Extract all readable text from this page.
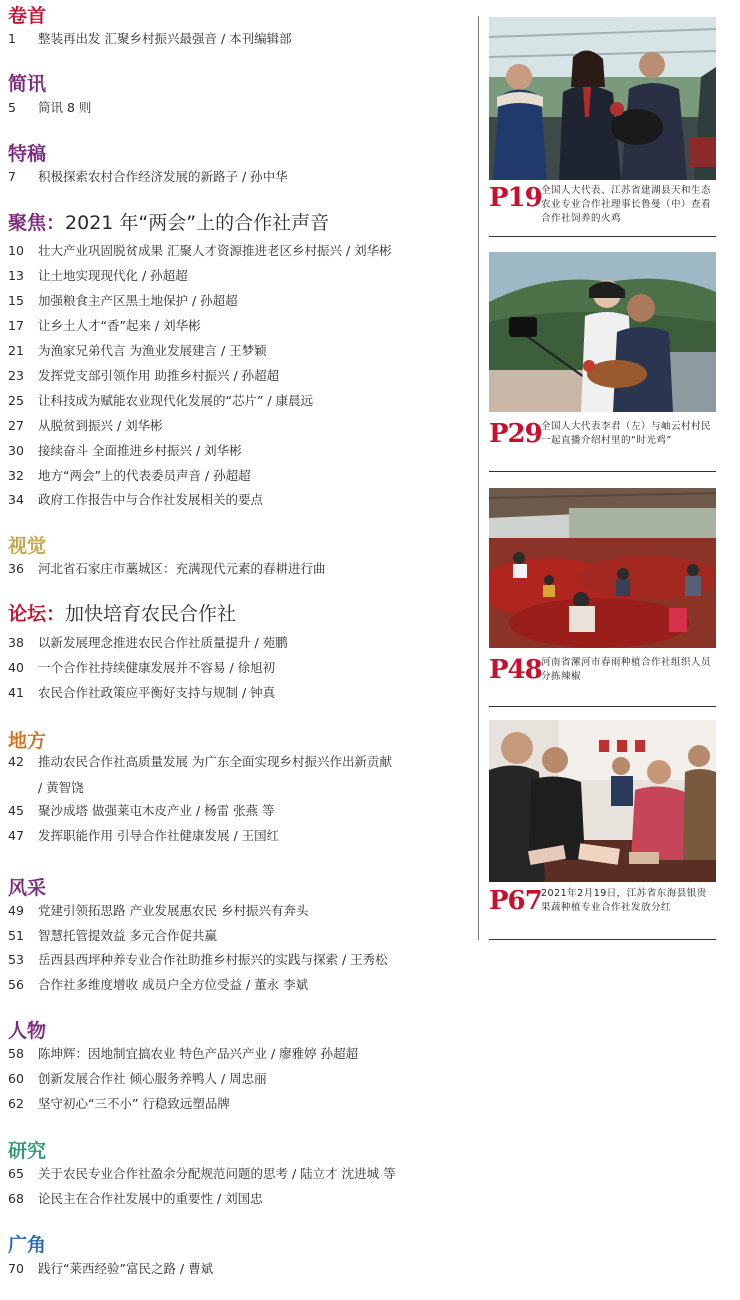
卷首
1 整装再出发 汇聚乡村振兴最强音 / 本刊编辑部
简讯
5 简讯 8 则
特稿
7 积极探索农村合作经济发展的新路子 / 孙中华
聚焦：2021 年“两会”上的合作社声音
10 壮大产业巩固脱贫成果 汇聚人才资源推进老区乡村振兴 / 刘华彬
13 让土地实现现代化 / 孙超超
15 加强粮食主产区黑土地保护 / 孙超超
17 让乡土人才“香”起来 / 刘华彬
21 为渔家兄弟代言 为渔业发展建言 / 王梦颖
23 发挥党支部引领作用 助推乡村振兴 / 孙超超
25 让科技成为赋能农业现代化发展的“芯片” / 康晨远
27 从脱贫到振兴 / 刘华彬
30 接续奋斗 全面推进乡村振兴 / 刘华彬
32 地方“两会”上的代表委员声音 / 孙超超
34 政府工作报告中与合作社发展相关的要点
视觉
36 河北省石家庄市藁城区：充满现代元素的春耕进行曲
论坛：加快培育农民合作社
38 以新发展理念推进农民合作社质量提升 / 苑鹏
40 一个合作社持续健康发展并不容易 / 徐旭初
41 农民合作社政策应平衡好支持与规制 / 钟真
地方
42 推动农民合作社高质量发展 为广东全面实现乡村振兴作出新贡献
/ 黄智饶
45 聚沙成塔 做强莱屯木皮产业 / 杨雷 张燕 等
47 发挥职能作用 引导合作社健康发展 / 王国红
风采
49 党建引领拓思路 产业发展惠农民 乡村振兴有奔头
51 智慧托管提效益 多元合作促共赢
53 岳西县西坪种养专业合作社助推乡村振兴的实践与探索 / 王秀松
56 合作社多维度增收 成员户全方位受益 / 董永 李斌
人物
58 陈坤辉：因地制宜搞农业 特色产品兴产业 / 廖雅婷 孙超超
60 创新发展合作社 倾心服务养鸭人 / 周忠丽
62 坚守初心“三不小” 行稳致远塑品牌
研究
65 关于农民专业合作社盈余分配规范问题的思考 / 陆立才 沈进城 等
68 论民主在合作社发展中的重要性 / 刘国忠
广角
70 践行“莱西经验”富民之路 / 曹斌
P19 全国人大代表、江苏省建湖县天和生态农业专业合作社理事长鲁曼（中）查看合作社饲养的火鸡
P29 全国人大代表李君（左）与岫云村村民一起直播介绍村里的“时光鸡”
P48 河南省漯河市春雨种植合作社组织人员分拣辣椒
P67 2021年2月19日，江苏省东海县银贵果蔬种植专业合作社发放分红
